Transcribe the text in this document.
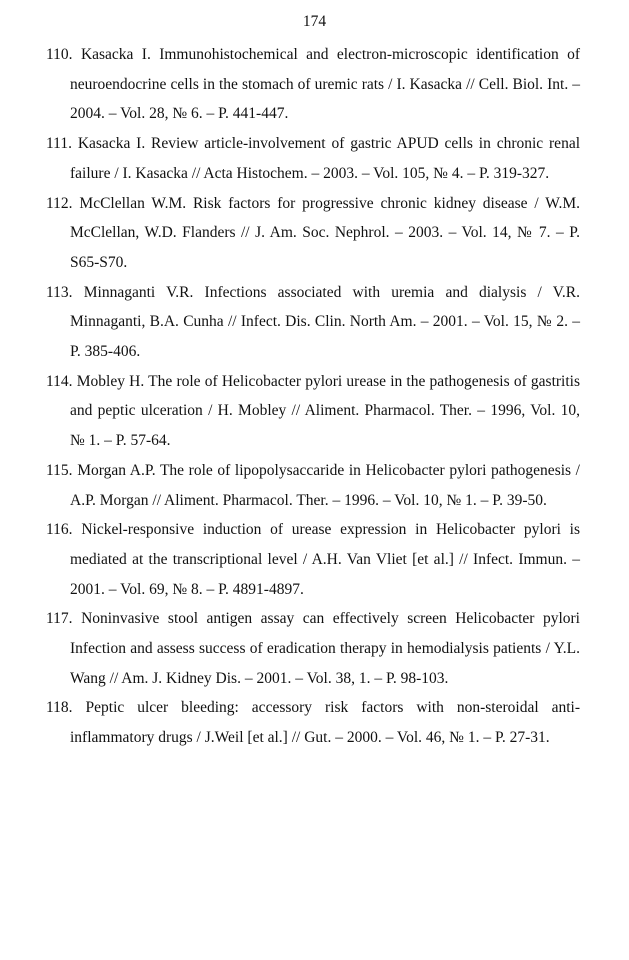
174

110. Kasacka I. Immunohistochemical and electron-microscopic identification of neuroendocrine cells in the stomach of uremic rats / I. Kasacka // Cell. Biol. Int. – 2004. – Vol. 28, № 6. – P. 441-447.

111. Kasacka I. Review article-involvement of gastric APUD cells in chronic renal failure / I. Kasacka // Acta Histochem. – 2003. – Vol. 105, № 4. – P. 319-327.

112. McClellan W.M. Risk factors for progressive chronic kidney disease / W.M. McClellan, W.D. Flanders // J. Am. Soc. Nephrol. – 2003. – Vol. 14, № 7. – P. S65-S70.

113. Minnaganti V.R. Infections associated with uremia and dialysis / V.R. Minnaganti, B.A. Cunha // Infect. Dis. Clin. North Am. – 2001. – Vol. 15, № 2. – P. 385-406.

114. Mobley H. The role of Helicobacter pylori urease in the pathogenesis of gastritis and peptic ulceration / H. Mobley // Aliment. Pharmacol. Ther. – 1996, Vol. 10, № 1. – P. 57-64.

115. Morgan A.P. The role of lipopolysaccaride in Helicobacter pylori pathogenesis / A.P. Morgan // Aliment. Pharmacol. Ther. – 1996. – Vol. 10, № 1. – P. 39-50.

116. Nickel-responsive induction of urease expression in Helicobacter pylori is mediated at the transcriptional level / A.H. Van Vliet [et al.] // Infect. Immun. – 2001. – Vol. 69, № 8. – P. 4891-4897.

117. Noninvasive stool antigen assay can effectively screen Helicobacter pylori Infection and assess success of eradication therapy in hemodialysis patients / Y.L. Wang // Am. J. Kidney Dis. – 2001. – Vol. 38, 1. – P. 98-103.

118. Peptic ulcer bleeding: accessory risk factors with non-steroidal anti- inflammatory drugs / J.Weil [et al.] // Gut. – 2000. – Vol. 46, № 1. – P. 27-31.
